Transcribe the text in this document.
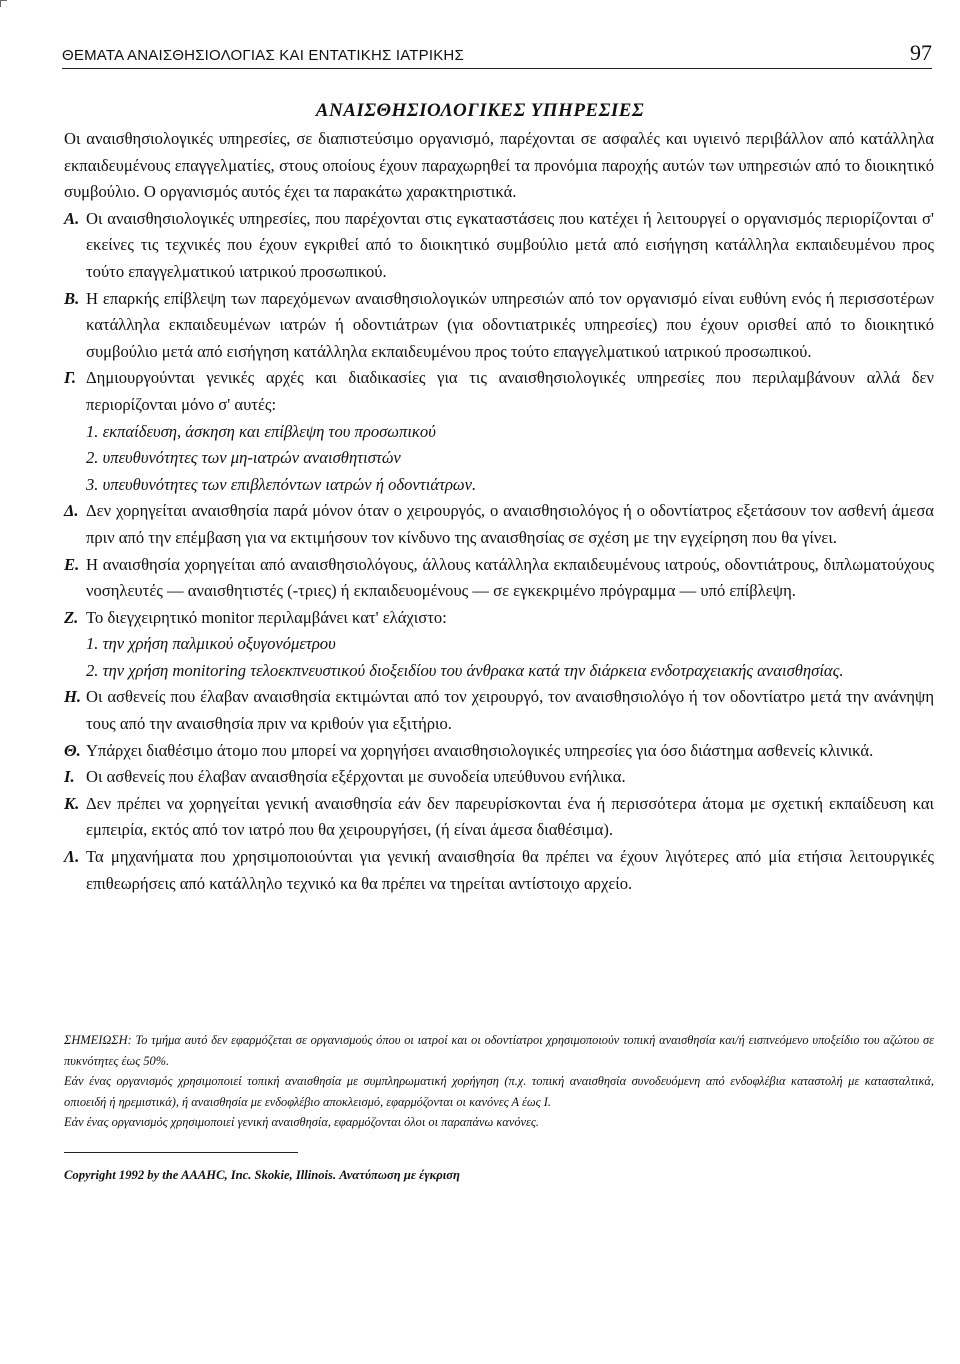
ΘΕΜΑΤΑ ΑΝΑΙΣΘΗΣΙΟΛΟΓΙΑΣ ΚΑΙ ΕΝΤΑΤΙΚΗΣ ΙΑΤΡΙΚΗΣ	97
ΑΝΑΙΣΘΗΣΙΟΛΟΓΙΚΕΣ ΥΠΗΡΕΣΙΕΣ

Οι αναισθησιολογικές υπηρεσίες, σε διαπιστεύσιμο οργανισμό, παρέχονται σε ασφαλές και υγιεινό περιβάλλον από κατάλληλα εκπαιδευμένους επαγγελματίες, στους οποίους έχουν παραχωρηθεί τα προνόμια παροχής αυτών των υπηρεσιών από το διοικητικό συμβούλιο. Ο οργανισμός αυτός έχει τα παρακάτω χαρακτηριστικά.

Α. Οι αναισθησιολογικές υπηρεσίες, που παρέχονται στις εγκαταστάσεις που κατέχει ή λειτουργεί ο οργανισμός περιορίζονται σ' εκείνες τις τεχνικές που έχουν εγκριθεί από το διοικητικό συμβούλιο μετά από εισήγηση κατάλληλα εκπαιδευμένου προς τούτο επαγγελματικού ιατρικού προσωπικού.

Β. Η επαρκής επίβλεψη των παρεχόμενων αναισθησιολογικών υπηρεσιών από τον οργανισμό είναι ευθύνη ενός ή περισσοτέρων κατάλληλα εκπαιδευμένων ιατρών ή οδοντιάτρων (για οδοντιατρικές υπηρεσίες) που έχουν ορισθεί από το διοικητικό συμβούλιο μετά από εισήγηση κατάλληλα εκπαιδευμένου προς τούτο επαγγελματικού ιατρικού προσωπικού.

Γ. Δημιουργούνται γενικές αρχές και διαδικασίες για τις αναισθησιολογικές υπηρεσίες που περιλαμβάνουν αλλά δεν περιορίζονται μόνο σ' αυτές:

1. εκπαίδευση, άσκηση και επίβλεψη του προσωπικού
2. υπευθυνότητες των μη-ιατρών αναισθητιστών
3. υπευθυνότητες των επιβλεπόντων ιατρών ή οδοντιάτρων.

Δ. Δεν χορηγείται αναισθησία παρά μόνον όταν ο χειρουργός, ο αναισθησιολόγος ή ο οδοντίατρος εξετάσουν τον ασθενή άμεσα πριν από την επέμβαση για να εκτιμήσουν τον κίνδυνο της αναισθησίας σε σχέση με την εγχείρηση που θα γίνει.

Ε. Η αναισθησία χορηγείται από αναισθησιολόγους, άλλους κατάλληλα εκπαιδευμένους ιατρούς, οδοντιάτρους, διπλωματούχους νοσηλευτές — αναισθητιστές (-τριες) ή εκπαιδευομένους — σε εγκεκριμένο πρόγραμμα — υπό επίβλεψη.

Ζ. Το διεγχειρητικό monitor περιλαμβάνει κατ' ελάχιστο:

1. την χρήση παλμικού οξυγονόμετρου
2. την χρήση monitoring τελοεκπνευστικού διοξειδίου του άνθρακα κατά την διάρκεια ενδοτραχειακής αναισθησίας.

Η. Οι ασθενείς που έλαβαν αναισθησία εκτιμώνται από τον χειρουργό, τον αναισθησιολόγο ή τον οδοντίατρο μετά την ανάνηψη τους από την αναισθησία πριν να κριθούν για εξιτήριο.

Θ. Υπάρχει διαθέσιμο άτομο που μπορεί να χορηγήσει αναισθησιολογικές υπηρεσίες για όσο διάστημα ασθενείς κλινικά.

Ι. Οι ασθενείς που έλαβαν αναισθησία εξέρχονται με συνοδεία υπεύθυνου ενήλικα.

Κ. Δεν πρέπει να χορηγείται γενική αναισθησία εάν δεν παρευρίσκονται ένα ή περισσότερα άτομα με σχετική εκπαίδευση και εμπειρία, εκτός από τον ιατρό που θα χειρουργήσει, (ή είναι άμεσα διαθέσιμα).

Λ. Τα μηχανήματα που χρησιμοποιούνται για γενική αναισθησία θα πρέπει να έχουν λιγότερες από μία ετήσια λειτουργικές επιθεωρήσεις από κατάλληλο τεχνικό κα θα πρέπει να τηρείται αντίστοιχο αρχείο.

ΣΗΜΕΙΩΣΗ: Το τμήμα αυτό δεν εφαρμόζεται σε οργανισμούς όπου οι ιατροί και οι οδοντίατροι χρησιμοποιούν τοπική αναισθησία και/ή εισπνεόμενο υποξείδιο του αζώτου σε πυκνότητες έως 50%.

Εάν ένας οργανισμός χρησιμοποιεί τοπική αναισθησία με συμπληρωματική χορήγηση (π.χ. τοπική αναισθησία συνοδευόμενη από ενδοφλέβια καταστολή με κατασταλτικά, οπιοειδή ή ηρεμιστικά), ή αναισθησία με ενδοφλέβιο αποκλεισμό, εφαρμόζονται οι κανόνες Α έως Ι.

Εάν ένας οργανισμός χρησιμοποιεί γενική αναισθησία, εφαρμόζονται όλοι οι παραπάνω κανόνες.

Copyright 1992 by the AAAHC, Inc. Skokie, Illinois. Ανατύπωση με έγκριση
